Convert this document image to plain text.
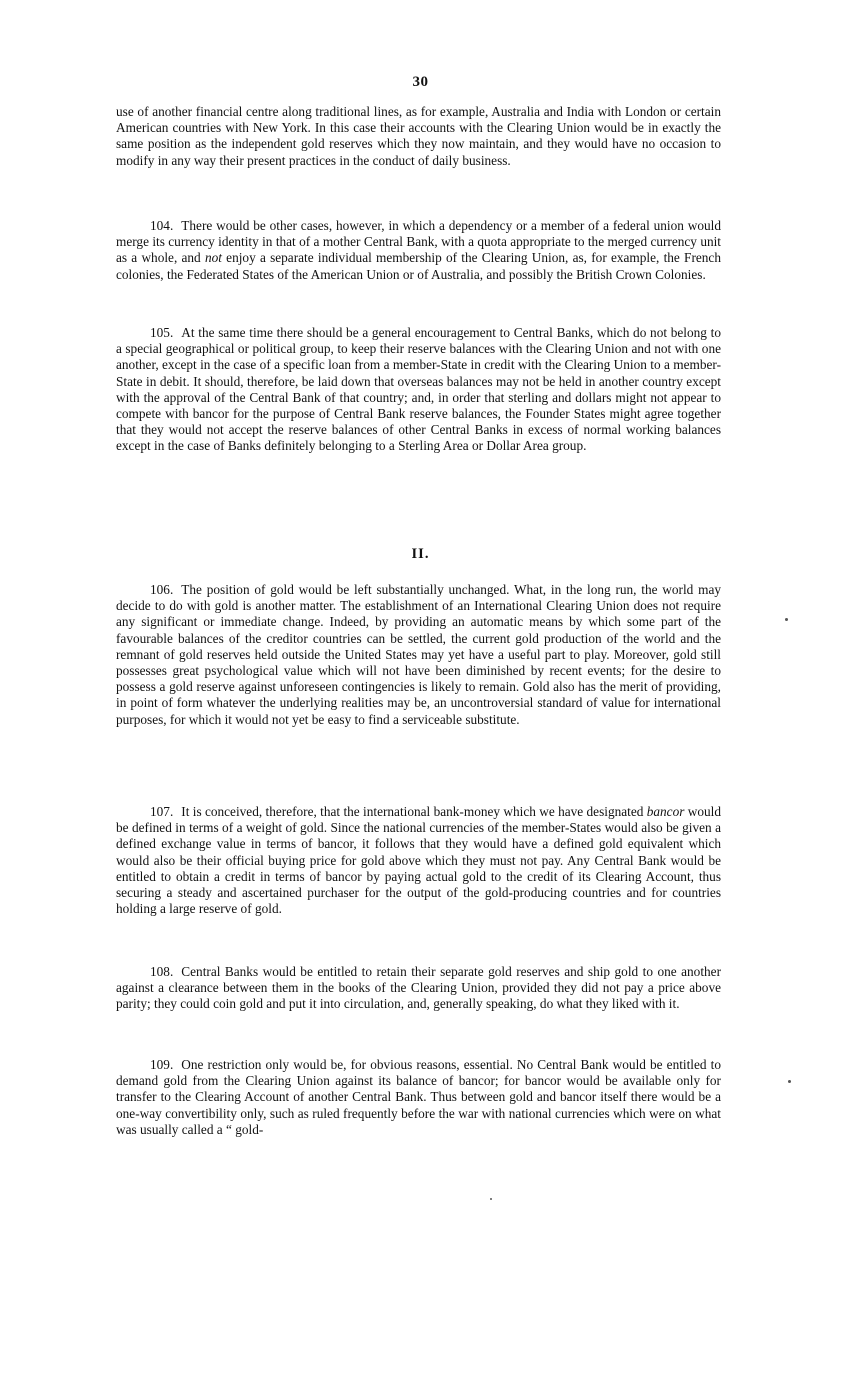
30

use of another financial centre along traditional lines, as for example, Australia and India with London or certain American countries with New York. In this case their accounts with the Clearing Union would be in exactly the same position as the independent gold reserves which they now maintain, and they would have no occasion to modify in any way their present practices in the conduct of daily business.

104. There would be other cases, however, in which a dependency or a member of a federal union would merge its currency identity in that of a mother Central Bank, with a quota appropriate to the merged currency unit as a whole, and not enjoy a separate individual membership of the Clearing Union, as, for example, the French colonies, the Federated States of the American Union or of Australia, and possibly the British Crown Colonies.

105. At the same time there should be a general encouragement to Central Banks, which do not belong to a special geographical or political group, to keep their reserve balances with the Clearing Union and not with one another, except in the case of a specific loan from a member-State in credit with the Clearing Union to a member-State in debit. It should, therefore, be laid down that overseas balances may not be held in another country except with the approval of the Central Bank of that country; and, in order that sterling and dollars might not appear to compete with bancor for the purpose of Central Bank reserve balances, the Founder States might agree together that they would not accept the reserve balances of other Central Banks in excess of normal working balances except in the case of Banks definitely belonging to a Sterling Area or Dollar Area group.

II.

106. The position of gold would be left substantially unchanged. What, in the long run, the world may decide to do with gold is another matter. The establishment of an International Clearing Union does not require any significant or immediate change. Indeed, by providing an automatic means by which some part of the favourable balances of the creditor countries can be settled, the current gold production of the world and the remnant of gold reserves held outside the United States may yet have a useful part to play. Moreover, gold still possesses great psychological value which will not have been diminished by recent events; for the desire to possess a gold reserve against unforeseen contingencies is likely to remain. Gold also has the merit of providing, in point of form whatever the underlying realities may be, an uncontroversial standard of value for international purposes, for which it would not yet be easy to find a serviceable substitute.

107. It is conceived, therefore, that the international bank-money which we have designated bancor would be defined in terms of a weight of gold. Since the national currencies of the member-States would also be given a defined exchange value in terms of bancor, it follows that they would have a defined gold equivalent which would also be their official buying price for gold above which they must not pay. Any Central Bank would be entitled to obtain a credit in terms of bancor by paying actual gold to the credit of its Clearing Account, thus securing a steady and ascertained purchaser for the output of the gold-producing countries and for countries holding a large reserve of gold.

108. Central Banks would be entitled to retain their separate gold reserves and ship gold to one another against a clearance between them in the books of the Clearing Union, provided they did not pay a price above parity; they could coin gold and put it into circulation, and, generally speaking, do what they liked with it.

109. One restriction only would be, for obvious reasons, essential. No Central Bank would be entitled to demand gold from the Clearing Union against its balance of bancor; for bancor would be available only for transfer to the Clearing Account of another Central Bank. Thus between gold and bancor itself there would be a one-way convertibility only, such as ruled frequently before the war with national currencies which were on what was usually called a “ gold-
